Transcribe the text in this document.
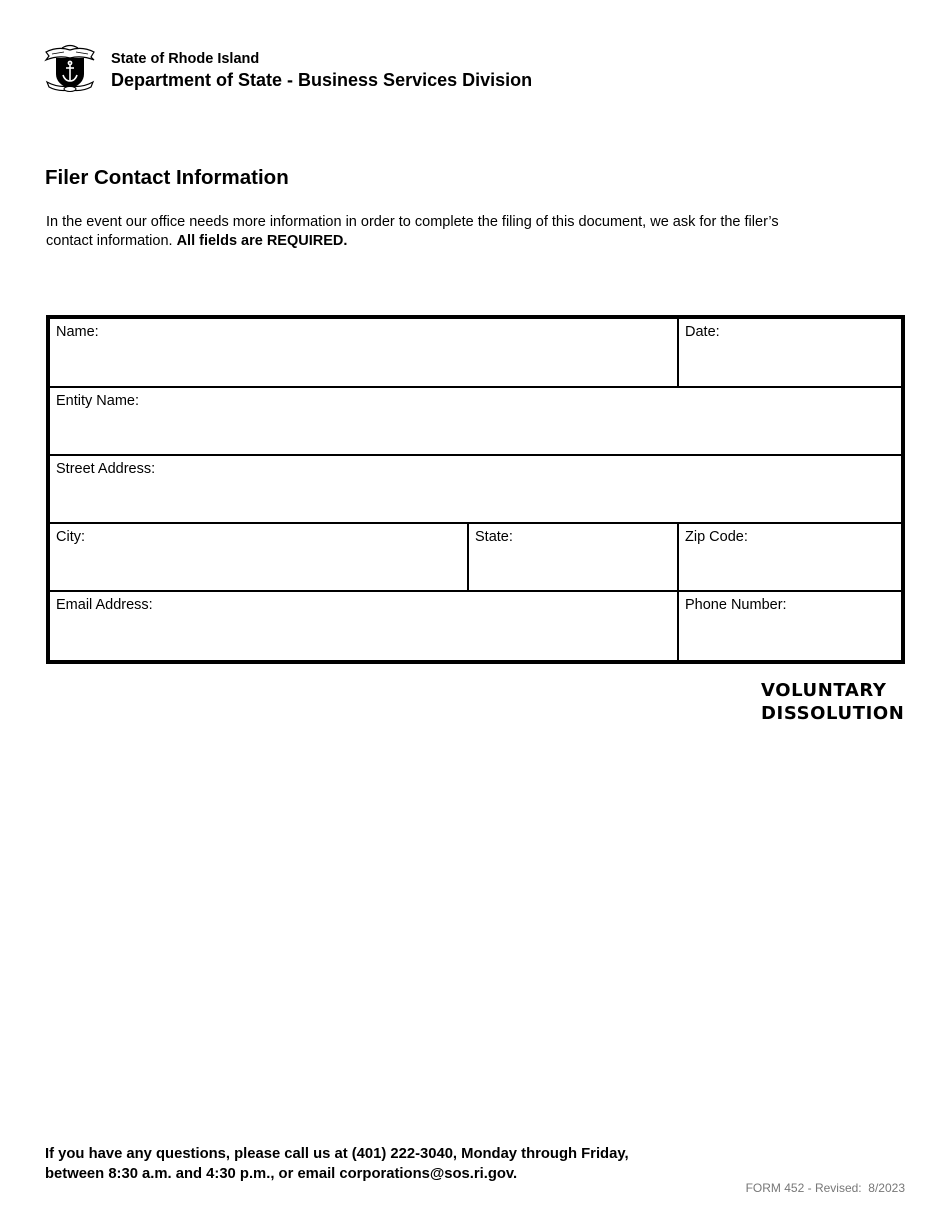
State of Rhode Island
Department of State - Business Services Division
Filer Contact Information
In the event our office needs more information in order to complete the filing of this document, we ask for the filer’s contact information. All fields are REQUIRED.
Name:	Date:
Entity Name:
Street Address:
City:	State:	Zip Code:
Email Address:	Phone Number:
VOLUNTARY
DISSOLUTION
If you have any questions, please call us at (401) 222-3040, Monday through Friday,
between 8:30 a.m. and 4:30 p.m., or email corporations@sos.ri.gov.
FORM 452 - Revised:  8/2023
